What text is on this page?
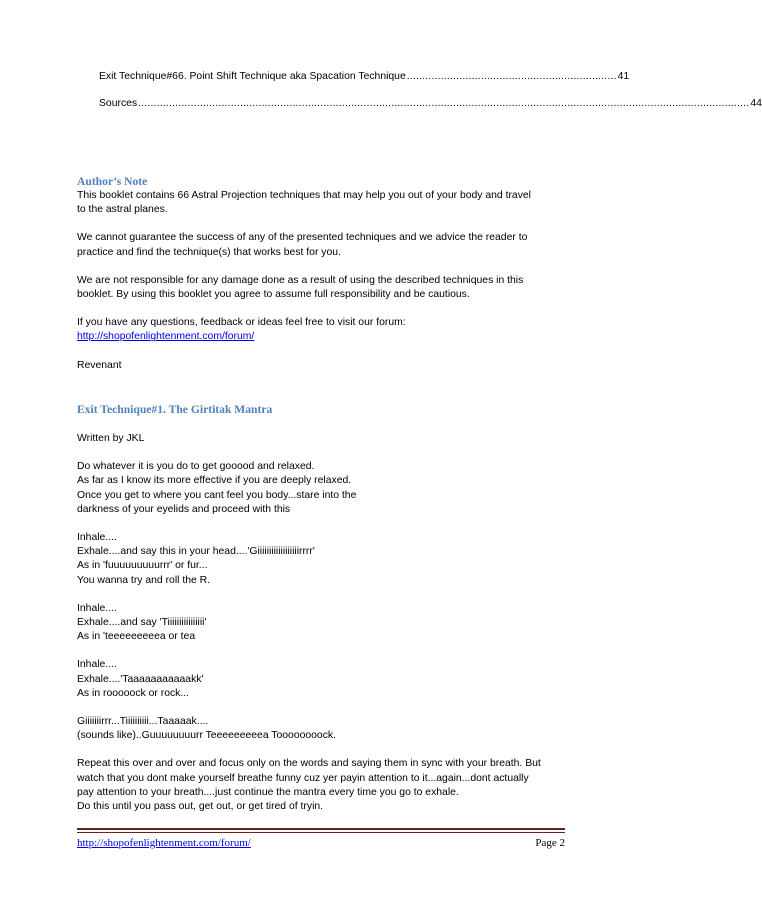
Exit Technique#66. Point Shift Technique aka Spacation Technique .................................................................... 41
Sources ...................................................................................................................................................................................................... 44
Author’s Note

This booklet contains 66 Astral Projection techniques that may help you out of your body and travel
to the astral planes.

We cannot guarantee the success of any of the presented techniques and we advice the reader to
practice and find the technique(s) that works best for you.

We are not responsible for any damage done as a result of using the described techniques in this
booklet. By using this booklet you agree to assume full responsibility and be cautious.

If you have any questions, feedback or ideas feel free to visit our forum:
http://shopofenlightenment.com/forum/

Revenant

Exit Technique#1. The Girtitak Mantra

Written by JKL

Do whatever it is you do to get gooood and relaxed.
As far as I know its more effective if you are deeply relaxed.
Once you get to where you cant feel you body...stare into the
darkness of your eyelids and proceed with this

Inhale....
Exhale....and say this in your head....'Giiiiiiiiiiiiiiiiiirrrr'
As in 'fuuuuuuuuurrr' or fur...
You wanna try and roll the R.

Inhale....
Exhale....and say 'Tiiiiiiiiiiiiiiii'
As in 'teeeeeeeeea or tea

Inhale....
Exhale....'Taaaaaaaaaaakk'
As in rooooock or rock...

Giiiiiiirrr...Tiiiiiiiiii...Taaaaak....
(sounds like)..Guuuuuuuurr Teeeeeeeeea Toooooooock.

Repeat this over and over and focus only on the words and saying them in sync with your breath. But
watch that you dont make yourself breathe funny cuz yer payin attention to it...again...dont actually
pay attention to your breath....just continue the mantra every time you go to exhale.
Do this until you pass out, get out, or get tired of tryin.

http://shopofenlightenment.com/forum/	Page 2
